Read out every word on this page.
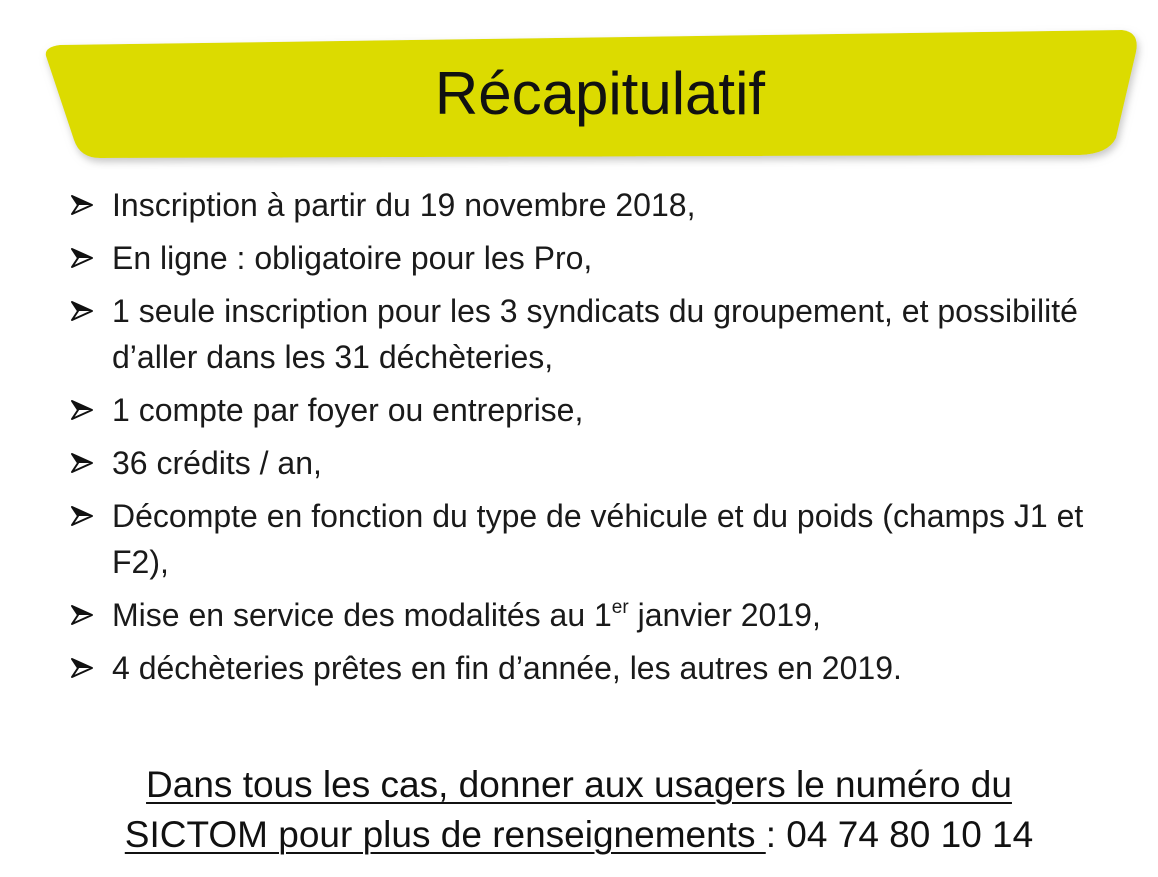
Récapitulatif
Inscription à partir du 19 novembre 2018,
En ligne : obligatoire pour les Pro,
1 seule inscription pour les 3 syndicats du groupement, et possibilité d’aller dans les 31 déchèteries,
1 compte par foyer ou entreprise,
36 crédits / an,
Décompte en fonction du type de véhicule et du poids (champs J1 et F2),
Mise en service des modalités au 1er janvier 2019,
4 déchèteries prêtes en fin d’année, les autres en 2019.
Dans tous les cas, donner aux usagers le numéro du
SICTOM pour plus de renseignements : 04 74 80 10 14
